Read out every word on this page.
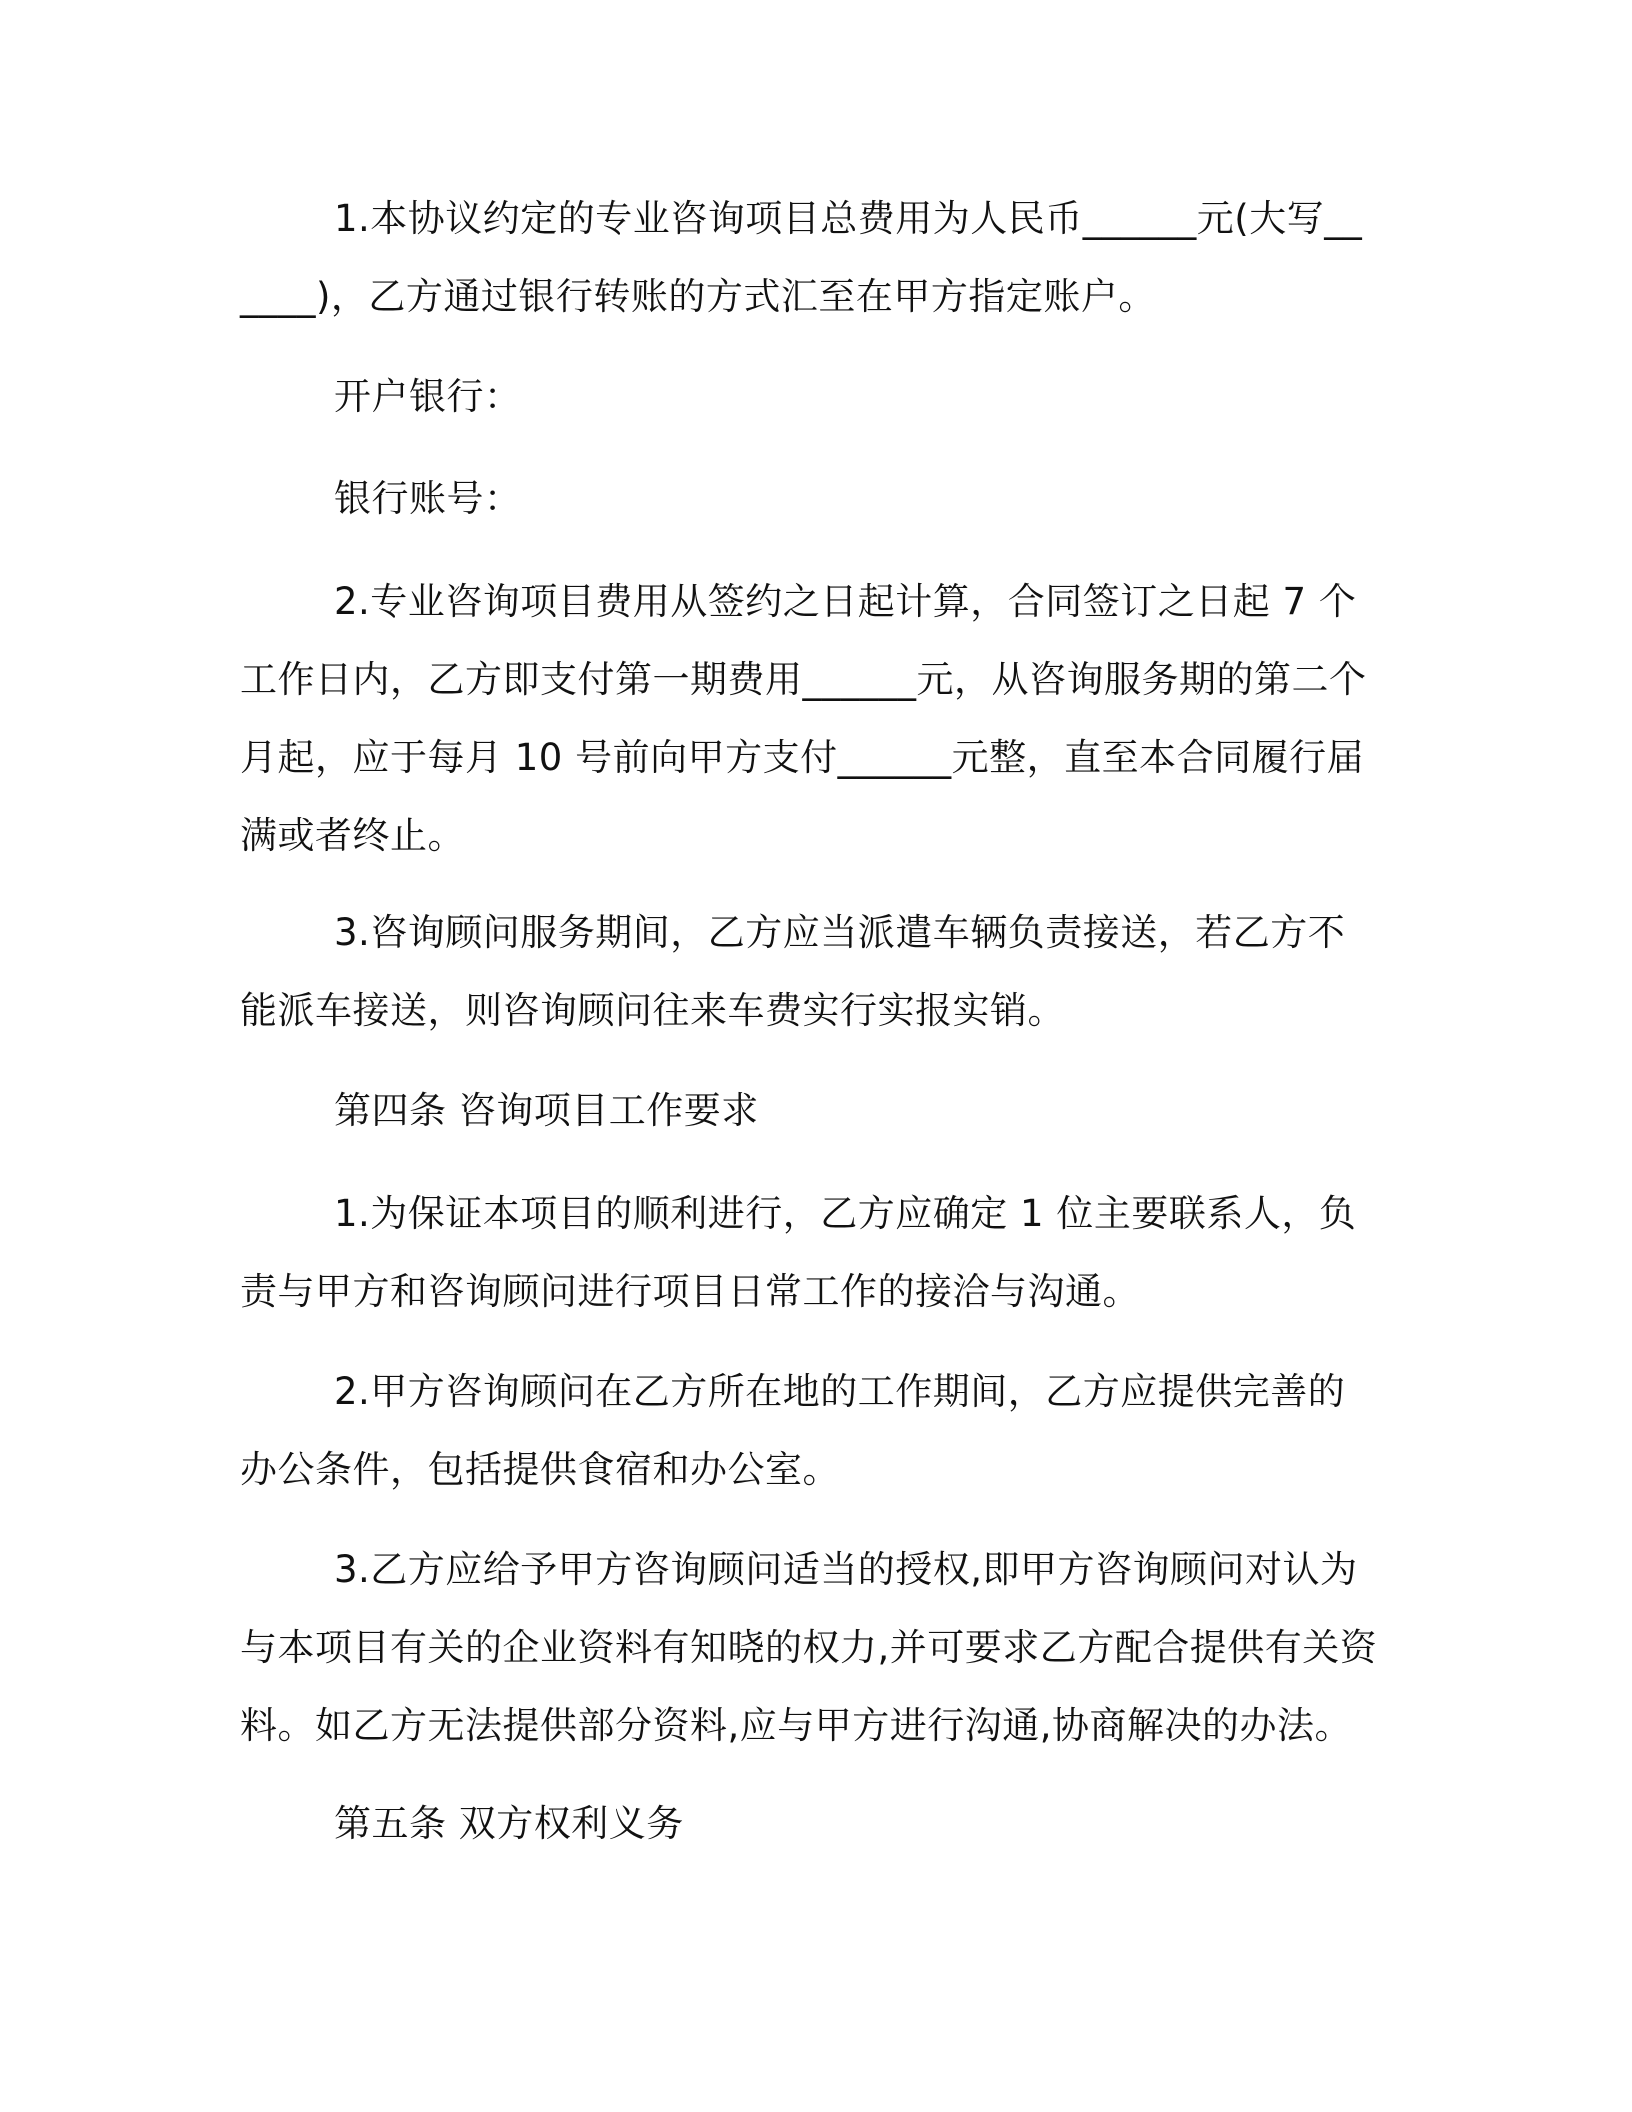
1.本协议约定的专业咨询项目总费用为人民币______元(大写______)，乙方通过银行转账的方式汇至在甲方指定账户。

开户银行：

银行账号：

2.专业咨询项目费用从签约之日起计算，合同签订之日起 7 个工作日内，乙方即支付第一期费用______元，从咨询服务期的第二个月起，应于每月 10 号前向甲方支付______元整，直至本合同履行届满或者终止。

3.咨询顾问服务期间，乙方应当派遣车辆负责接送，若乙方不能派车接送，则咨询顾问往来车费实行实报实销。

第四条 咨询项目工作要求

1.为保证本项目的顺利进行，乙方应确定 1 位主要联系人，负责与甲方和咨询顾问进行项目日常工作的接洽与沟通。

2.甲方咨询顾问在乙方所在地的工作期间，乙方应提供完善的办公条件，包括提供食宿和办公室。

3.乙方应给予甲方咨询顾问适当的授权,即甲方咨询顾问对认为与本项目有关的企业资料有知晓的权力,并可要求乙方配合提供有关资料。如乙方无法提供部分资料,应与甲方进行沟通,协商解决的办法。

第五条 双方权利义务
